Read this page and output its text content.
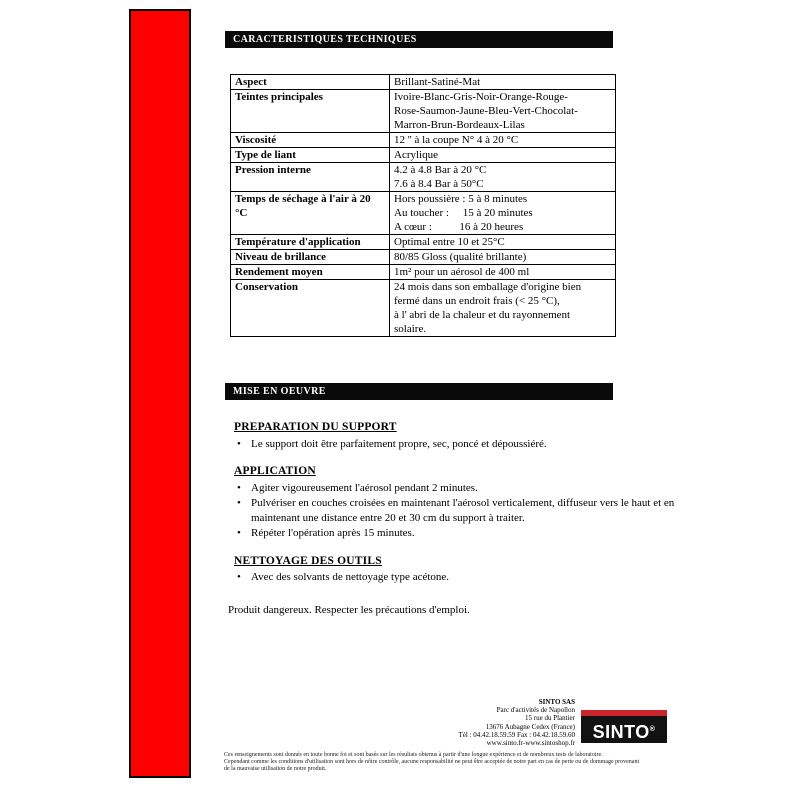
CARACTERISTIQUES TECHNIQUES
Aspect	Brillant-Satiné-Mat

Teintes principales	Ivoire-Blanc-Gris-Noir-Orange-Rouge-
Rose-Saumon-Jaune-Bleu-Vert-Chocolat-
Marron-Brun-Bordeaux-Lilas

Viscosité	12 '' à la coupe N° 4 à 20 °C

Type de liant	Acrylique

Pression interne	4.2 à 4.8 Bar à 20 °C
7.6 à 8.4 Bar à 50°C

Temps de séchage à l'air à 20 °C	Hors poussière : 5 à 8 minutes
Au toucher :     15 à 20 minutes
A cœur :          16 à 20 heures

Température d'application	Optimal entre 10 et 25°C

Niveau de brillance	80/85 Gloss (qualité brillante)

Rendement moyen	1m² pour un aérosol de 400 ml

Conservation	24 mois dans son emballage d'origine bien
fermé dans un endroit frais (< 25 °C),
à l' abri de la chaleur et du rayonnement
solaire.
MISE EN OEUVRE
PREPARATION DU SUPPORT
• Le support doit être parfaitement propre, sec, poncé et dépoussiéré.
APPLICATION
• Agiter vigoureusement l'aérosol pendant 2 minutes.
• Pulvériser en couches croisées en maintenant l'aérosol verticalement, diffuseur vers le haut et en maintenant une distance entre 20 et 30 cm du support à traiter.
• Répéter l'opération après 15 minutes.
NETTOYAGE DES OUTILS
• Avec des solvants de nettoyage type acétone.
Produit dangereux. Respecter les précautions d'emploi.
SINTO SAS
Parc d'activités de Napollon
15 rue du Plantier
13676 Aubagne Cedex (France)
Tél : 04.42.18.59.59 Fax : 04.42.18.59.60
www.sinto.fr-www.sintoshop.fr
SINTO®
Ces renseignements sont donnés en toute bonne foi et sont basés sur les résultats obtenus à partir d'une longue expérience et de nombreux tests de laboratoire.
Cependant comme les conditions d'utilisation sont hors de nôtre contrôle, aucune responsabilité ne peut être acceptée de notre part en cas de perte ou de dommage provenant
de la mauvaise utilisation de notre produit.
